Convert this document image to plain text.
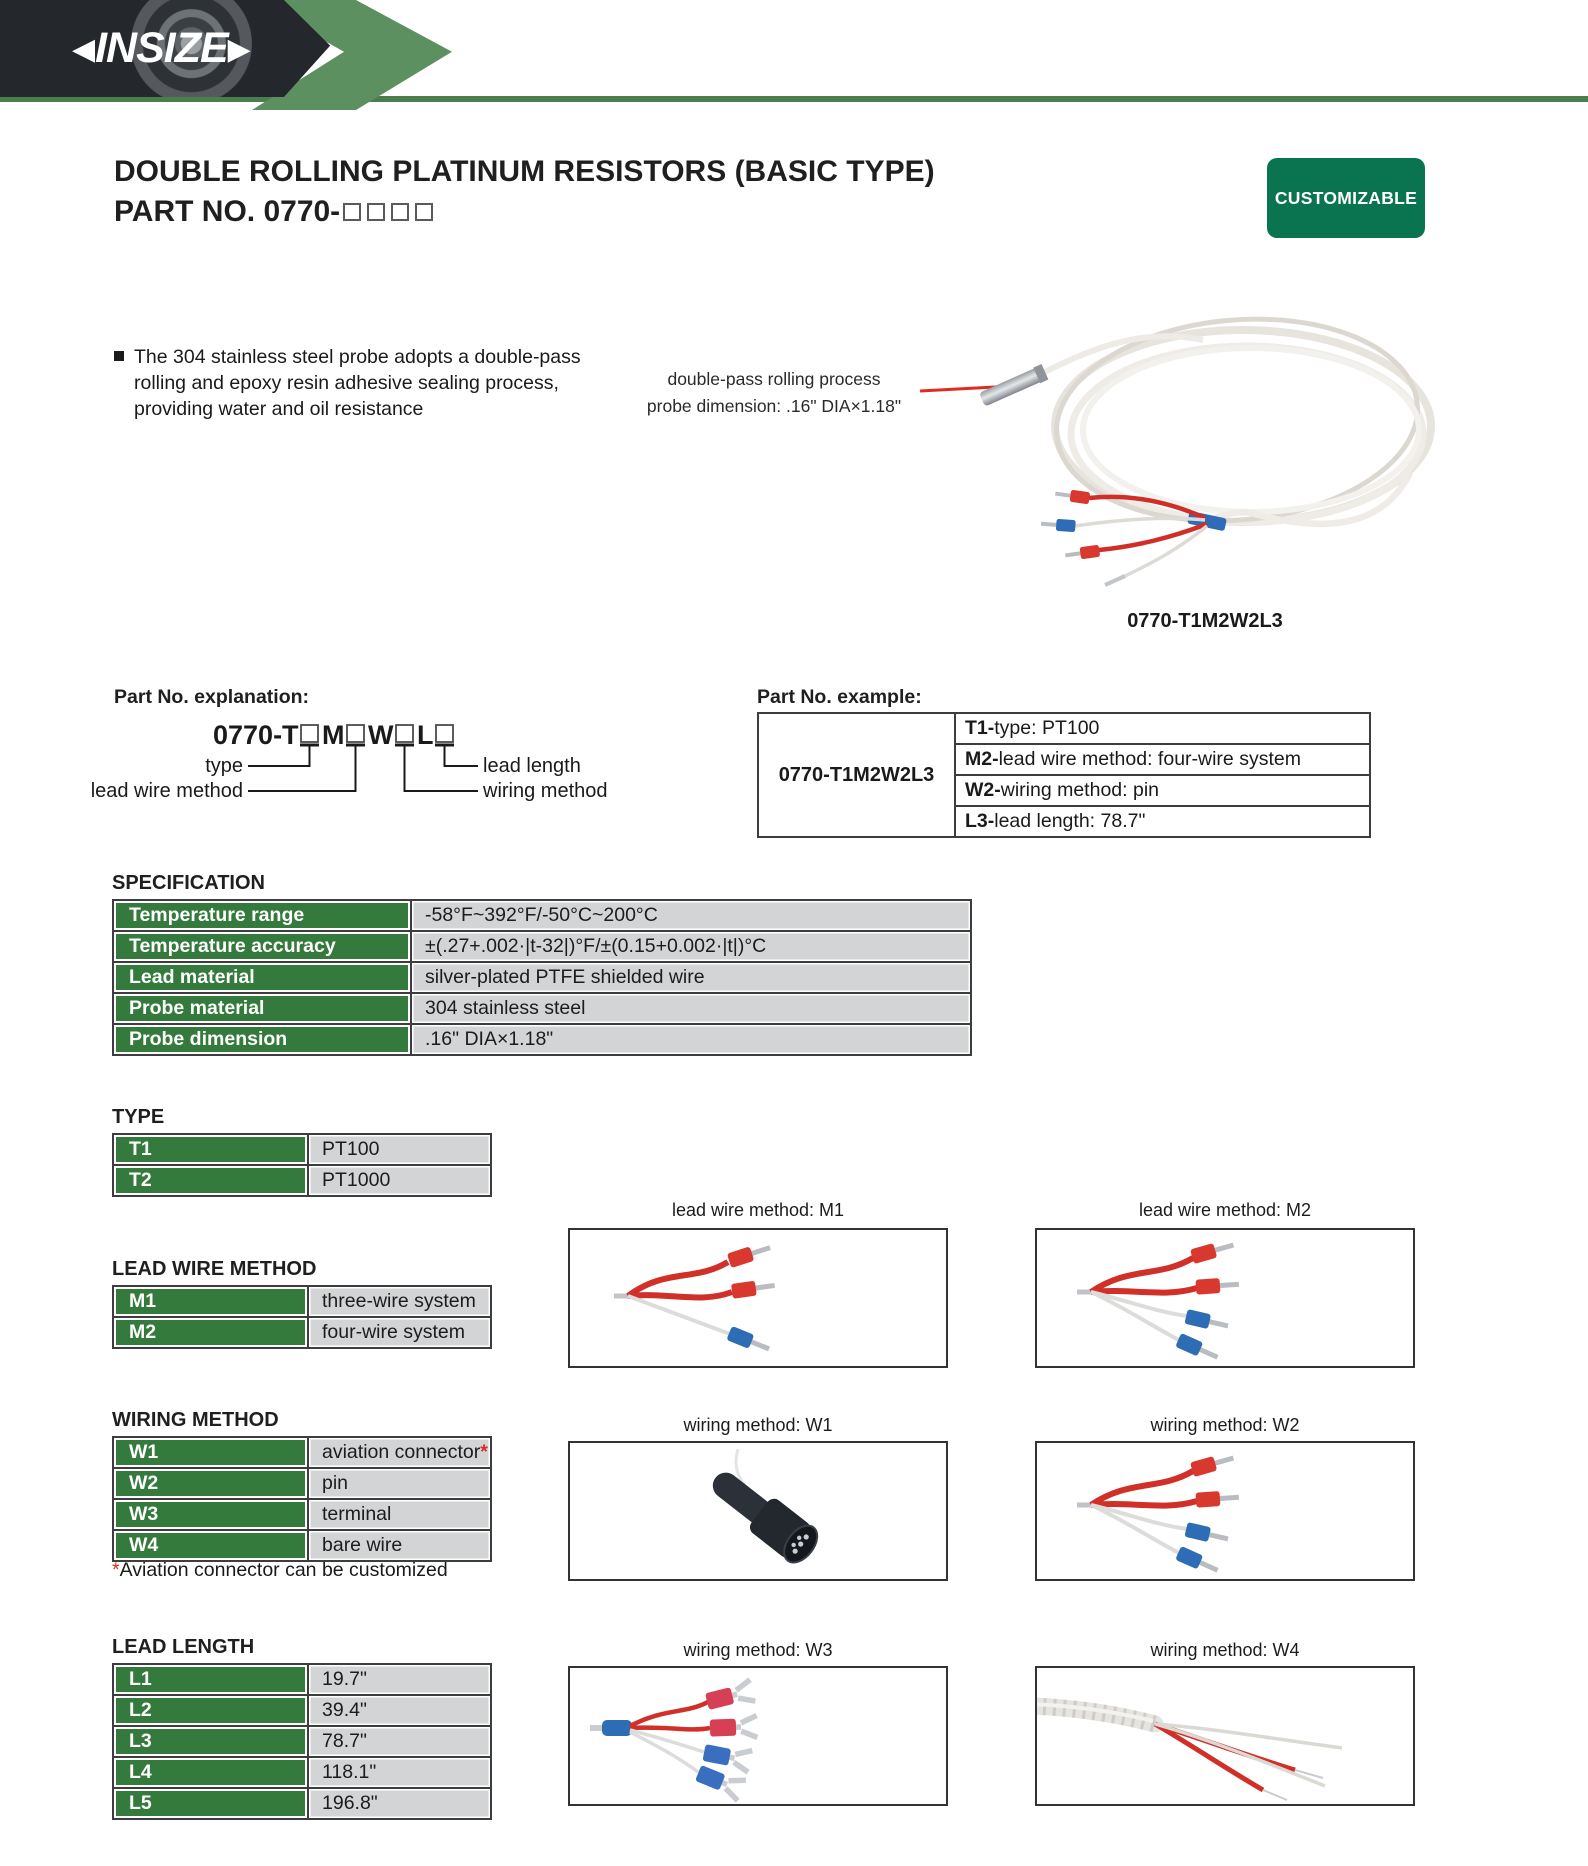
◀ INSIZE ▶
DOUBLE ROLLING PLATINUM RESISTORS (BASIC TYPE)
PART NO. 0770-	CUSTOMIZABLE
The 304 stainless steel probe adopts a double-pass rolling and epoxy resin adhesive sealing process, providing water and oil resistance
double-pass rolling process
probe dimension: .16" DIA×1.18"
0770-T1M2W2L3
Part No. explanation:
0770-T M W L
type
lead wire method
lead length
wiring method
Part No. example:
0770-T1M2W2L3	T1-type: PT100
M2-lead wire method: four-wire system
W2-wiring method: pin
L3-lead length: 78.7"
SPECIFICATION
Temperature range	-58°F~392°F/-50°C~200°C
Temperature accuracy	±(.27+.002·|t-32|)°F/±(0.15+0.002·|t|)°C
Lead material	silver-plated PTFE shielded wire
Probe material	304 stainless steel
Probe dimension	.16" DIA×1.18"
TYPE
T1	PT100
T2	PT1000
LEAD WIRE METHOD
M1	three-wire system
M2	four-wire system
WIRING METHOD
W1	aviation connector*
W2	pin
W3	terminal
W4	bare wire
*Aviation connector can be customized
LEAD LENGTH
L1	19.7"
L2	39.4"
L3	78.7"
L4	118.1"
L5	196.8"
lead wire method: M1	lead wire method: M2
wiring method: W1	wiring method: W2
wiring method: W3	wiring method: W4
